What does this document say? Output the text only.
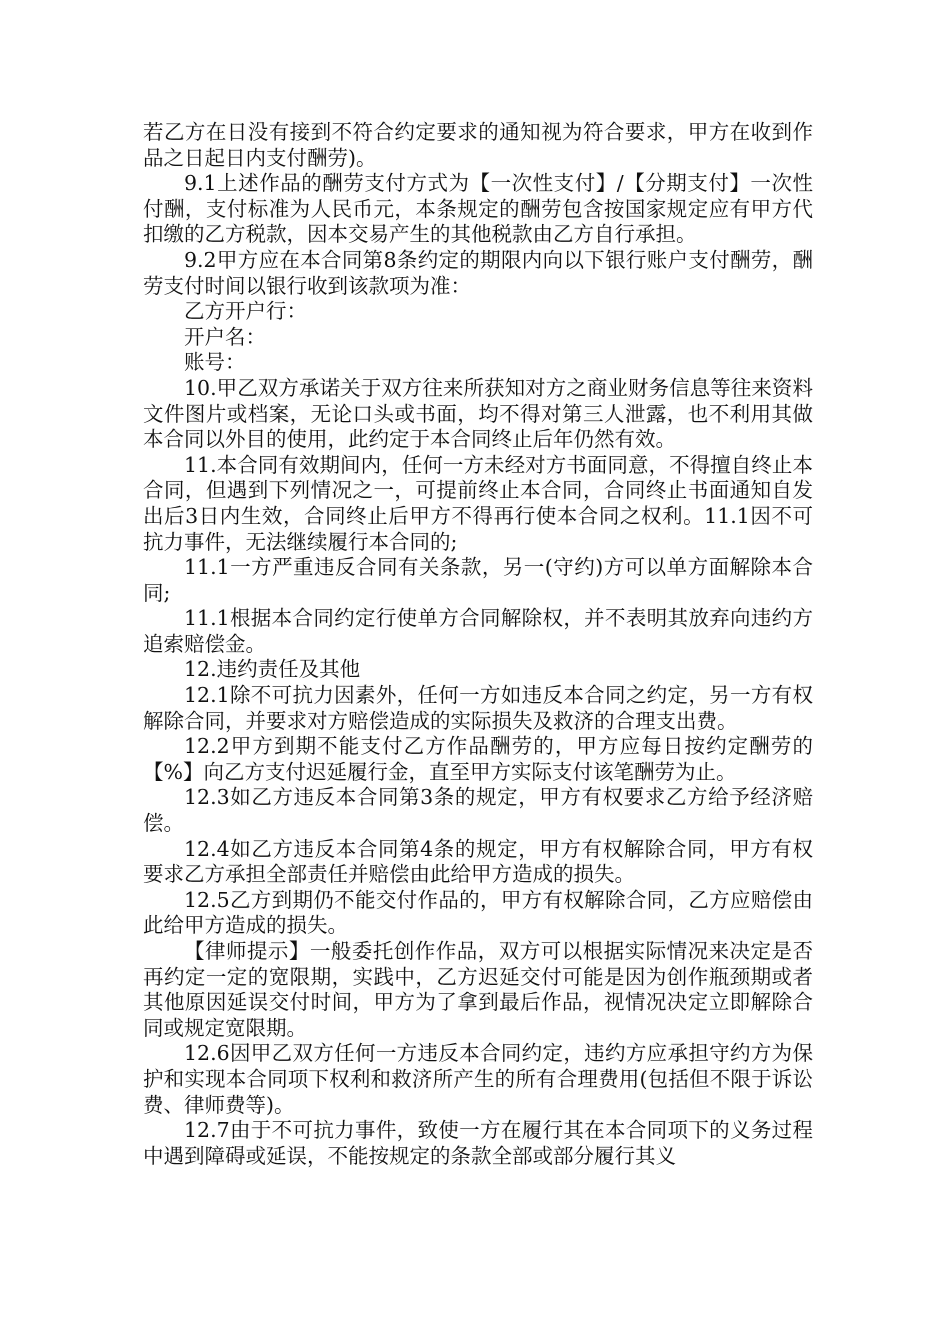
若乙方在日没有接到不符合约定要求的通知视为符合要求，甲方在收到作品之日起日内支付酬劳)。

9.1上述作品的酬劳支付方式为【一次性支付】/【分期支付】一次性付酬，支付标准为人民币元，本条规定的酬劳包含按国家规定应有甲方代扣缴的乙方税款，因本交易产生的其他税款由乙方自行承担。

9.2甲方应在本合同第8条约定的期限内向以下银行账户支付酬劳，酬劳支付时间以银行收到该款项为准：

乙方开户行：

开户名：

账号：

10.甲乙双方承诺关于双方往来所获知对方之商业财务信息等往来资料文件图片或档案，无论口头或书面，均不得对第三人泄露，也不利用其做本合同以外目的使用，此约定于本合同终止后年仍然有效。

11.本合同有效期间内，任何一方未经对方书面同意，不得擅自终止本合同，但遇到下列情况之一，可提前终止本合同，合同终止书面通知自发出后3日内生效，合同终止后甲方不得再行使本合同之权利。11.1因不可抗力事件，无法继续履行本合同的;

11.1一方严重违反合同有关条款，另一(守约)方可以单方面解除本合同;

11.1根据本合同约定行使单方合同解除权，并不表明其放弃向违约方追索赔偿金。

12.违约责任及其他

12.1除不可抗力因素外，任何一方如违反本合同之约定，另一方有权解除合同，并要求对方赔偿造成的实际损失及救济的合理支出费。

12.2甲方到期不能支付乙方作品酬劳的，甲方应每日按约定酬劳的【%】向乙方支付迟延履行金，直至甲方实际支付该笔酬劳为止。

12.3如乙方违反本合同第3条的规定，甲方有权要求乙方给予经济赔偿。

12.4如乙方违反本合同第4条的规定，甲方有权解除合同，甲方有权要求乙方承担全部责任并赔偿由此给甲方造成的损失。

12.5乙方到期仍不能交付作品的，甲方有权解除合同，乙方应赔偿由此给甲方造成的损失。

【律师提示】一般委托创作作品，双方可以根据实际情况来决定是否再约定一定的宽限期，实践中，乙方迟延交付可能是因为创作瓶颈期或者其他原因延误交付时间，甲方为了拿到最后作品，视情况决定立即解除合同或规定宽限期。

12.6因甲乙双方任何一方违反本合同约定，违约方应承担守约方为保护和实现本合同项下权利和救济所产生的所有合理费用(包括但不限于诉讼费、律师费等)。

12.7由于不可抗力事件，致使一方在履行其在本合同项下的义务过程中遇到障碍或延误，不能按规定的条款全部或部分履行其义
